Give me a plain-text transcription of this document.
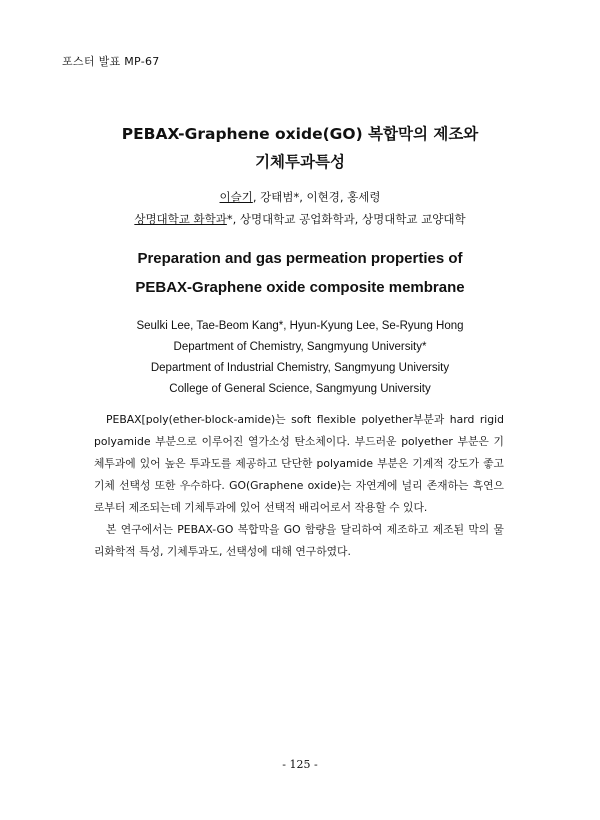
포스터 발표 MP-67
PEBAX-Graphene oxide(GO) 복합막의 제조와
기체투과특성
이슬기, 강태범*, 이현경, 홍세령
상명대학교 화학과*, 상명대학교 공업화학과, 상명대학교 교양대학
Preparation and gas permeation properties of
PEBAX-Graphene oxide composite membrane
Seulki Lee, Tae-Beom Kang*, Hyun-Kyung Lee, Se-Ryung Hong
Department of Chemistry, Sangmyung University*
Department of Industrial Chemistry, Sangmyung University
College of General Science, Sangmyung University

PEBAX[poly(ether-block-amide)는 soft flexible polyether부분과 hard rigid polyamide 부분으로 이루어진 열가소성 탄소체이다. 부드러운 polyether 부분은 기체투과에 있어 높은 투과도를 제공하고 단단한 polyamide 부분은 기계적 강도가 좋고 기체 선택성 또한 우수하다. GO(Graphene oxide)는 자연계에 널리 존재하는 흑연으로부터 제조되는데 기체투과에 있어 선택적 배리어로서 작용할 수 있다.

본 연구에서는 PEBAX-GO 복합막을 GO 함량을 달리하여 제조하고 제조된 막의 물리화학적 특성, 기체투과도, 선택성에 대해 연구하였다.

- 125 -
